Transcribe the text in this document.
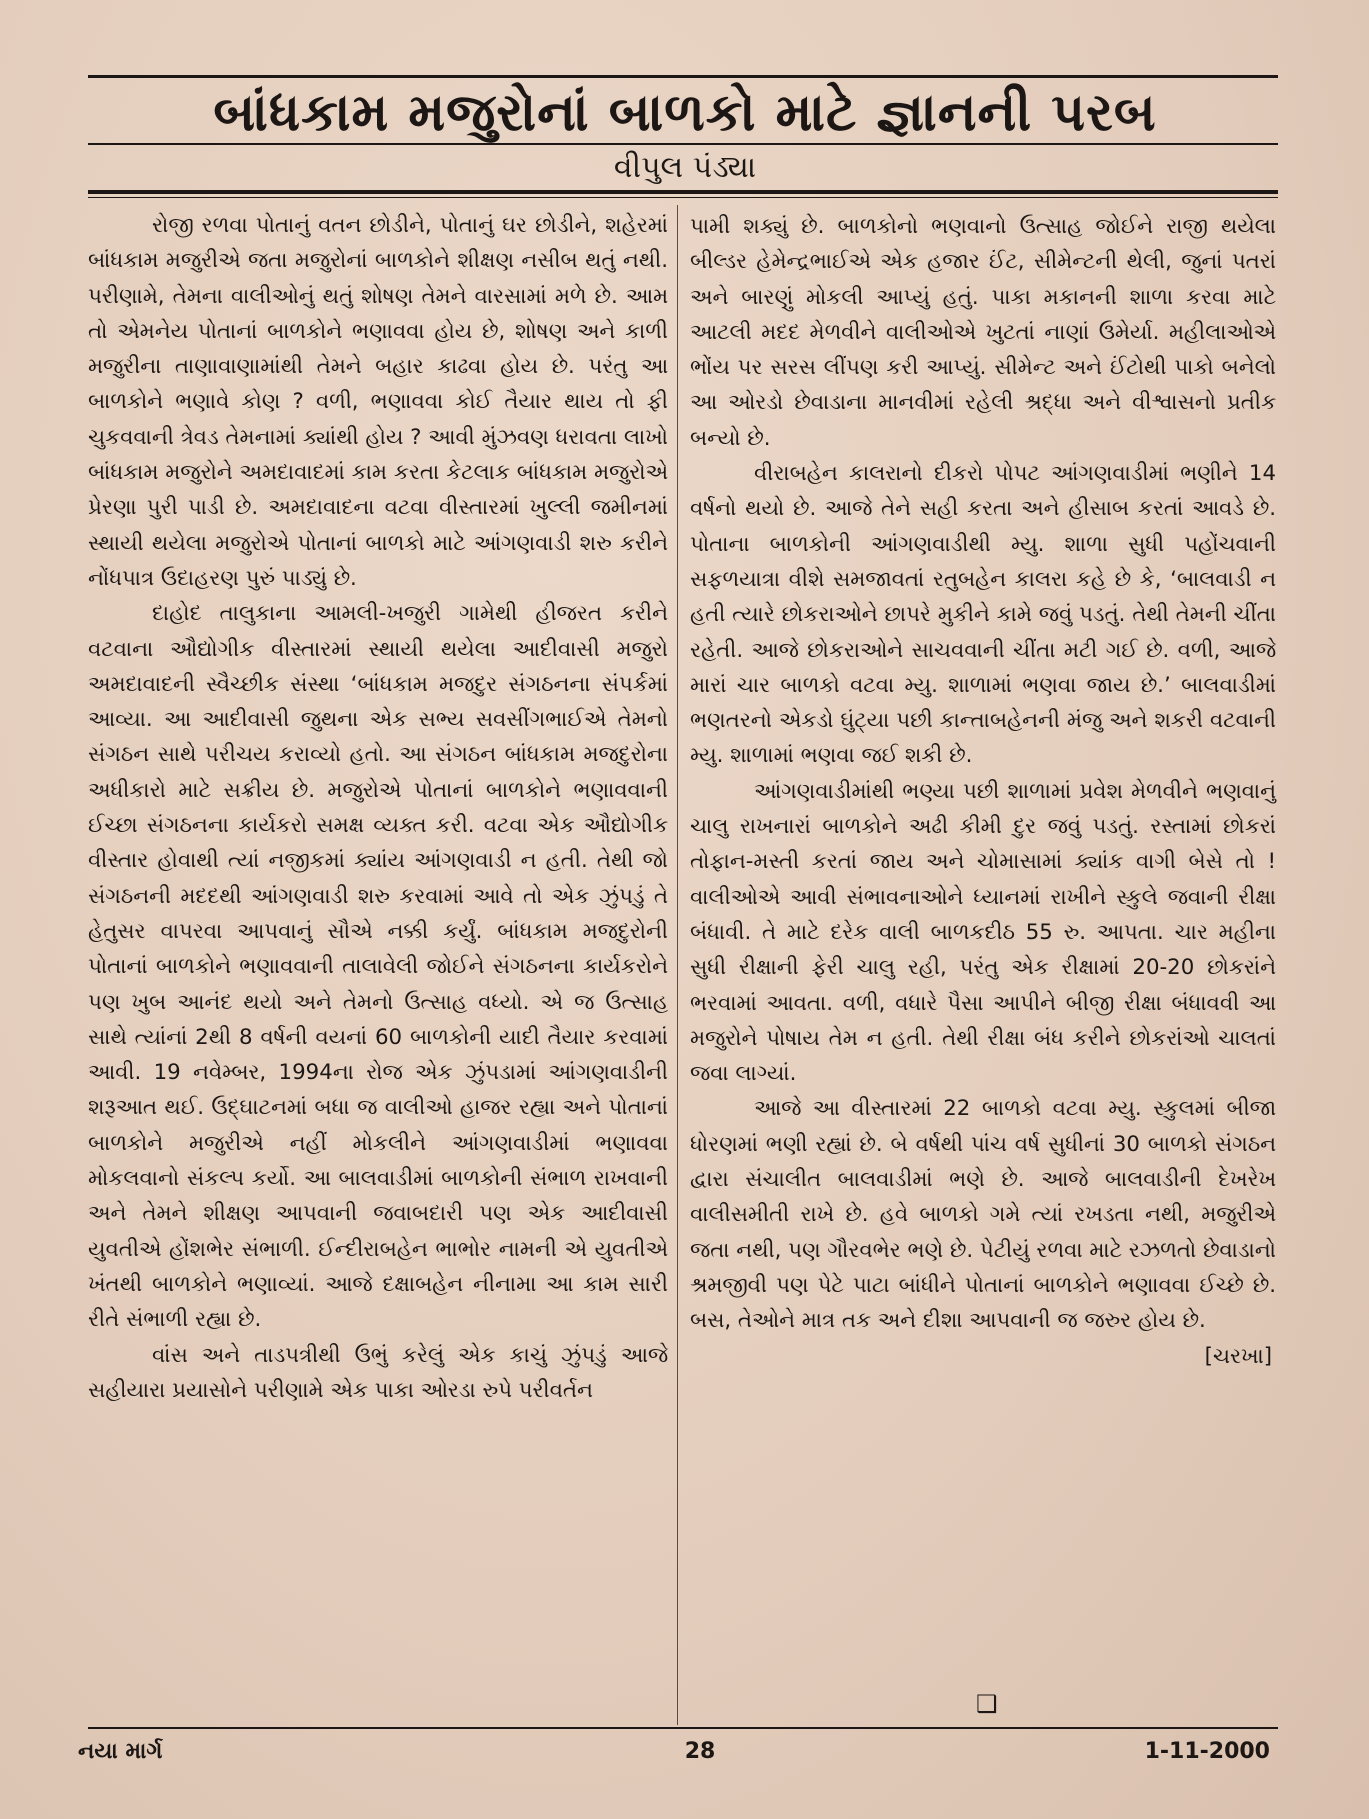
બાંધકામ મજુરોનાં બાળકો માટે જ્ઞાનની પરબ
વીપુલ પંડ્યા

રોજી રળવા પોતાનું વતન છોડીને, પોતાનું ઘર છોડીને, શહેરમાં બાંધકામ મજુરીએ જતા મજુરોનાં બાળકોને શીક્ષણ નસીબ થતું નથી. પરીણામે, તેમના વાલીઓનું થતું શોષણ તેમને વારસામાં મળે છે. આમ તો એમનેય પોતાનાં બાળકોને ભણાવવા હોય છે, શોષણ અને કાળી મજુરીના તાણાવાણામાંથી તેમને બહાર કાઢવા હોય છે. પરંતુ આ બાળકોને ભણાવે કોણ ? વળી, ભણાવવા કોઈ તૈયાર થાય તો ફી ચુકવવાની ત્રેવડ તેમનામાં ક્યાંથી હોય ? આવી મુંઝવણ ધરાવતા લાખો બાંધકામ મજુરોને અમદાવાદમાં કામ કરતા કેટલાક બાંધકામ મજુરોએ પ્રેરણા પુરી પાડી છે. અમદાવાદના વટવા વીસ્તારમાં ખુલ્લી જમીનમાં સ્થાયી થયેલા મજુરોએ પોતાનાં બાળકો માટે આંગણવાડી શરુ કરીને નોંધપાત્ર ઉદાહરણ પુરું પાડ્યું છે.

દાહોદ તાલુકાના આમલી-ખજુરી ગામેથી હીજરત કરીને વટવાના ઔદ્યોગીક વીસ્તારમાં સ્થાયી થયેલા આદીવાસી મજુરો અમદાવાદની સ્વૈચ્છીક સંસ્થા ‘બાંધકામ મજદુર સંગઠનના સંપર્કમાં આવ્યા. આ આદીવાસી જુથના એક સભ્ય સવસીંગભાઈએ તેમનો સંગઠન સાથે પરીચય કરાવ્યો હતો. આ સંગઠન બાંધકામ મજદુરોના અધીકારો માટે સક્રીય છે. મજુરોએ પોતાનાં બાળકોને ભણાવવાની ઈચ્છા સંગઠનના કાર્યકરો સમક્ષ વ્યક્ત કરી. વટવા એક ઔદ્યોગીક વીસ્તાર હોવાથી ત્યાં નજીકમાં ક્યાંય આંગણવાડી ન હતી. તેથી જો સંગઠનની મદદથી આંગણવાડી શરુ કરવામાં આવે તો એક ઝુંપડું તે હેતુસર વાપરવા આપવાનું સૌએ નક્કી કર્યું. બાંધકામ મજદુરોની પોતાનાં બાળકોને ભણાવવાની તાલાવેલી જોઈને સંગઠનના કાર્યકરોને પણ ખુબ આનંદ થયો અને તેમનો ઉત્સાહ વધ્યો. એ જ ઉત્સાહ સાથે ત્યાંનાં 2થી 8 વર્ષની વયનાં 60 બાળકોની યાદી તૈયાર કરવામાં આવી. 19 નવેમ્બર, 1994ના રોજ એક ઝુંપડામાં આંગણવાડીની શરૂઆત થઈ. ઉદ્ઘાટનમાં બધા જ વાલીઓ હાજર રહ્યા અને પોતાનાં બાળકોને મજુરીએ નહીં મોકલીને આંગણવાડીમાં ભણાવવા મોકલવાનો સંકલ્પ કર્યો. આ બાલવાડીમાં બાળકોની સંભાળ રાખવાની અને તેમને શીક્ષણ આપવાની જવાબદારી પણ એક આદીવાસી યુવતીએ હોંશભેર સંભાળી. ઈન્દીરાબહેન ભાભોર નામની એ યુવતીએ ખંતથી બાળકોને ભણાવ્યાં. આજે દક્ષાબહેન નીનામા આ કામ સારી રીતે સંભાળી રહ્યા છે.

વાંસ અને તાડપત્રીથી ઉભું કરેલું એક કાચું ઝુંપડું આજે સહીયારા પ્રયાસોને પરીણામે એક પાકા ઓરડા રુપે પરીવર્તન

પામી શક્યું છે. બાળકોનો ભણવાનો ઉત્સાહ જોઈને રાજી થયેલા બીલ્ડર હેમેન્દ્રભાઈએ એક હજાર ઈંટ, સીમેન્ટની થેલી, જુનાં પતરાં અને બારણું મોકલી આપ્યું હતું. પાકા મકાનની શાળા કરવા માટે આટલી મદદ મેળવીને વાલીઓએ ખુટતાં નાણાં ઉમેર્યા. મહીલાઓએ ભોંય પર સરસ લીંપણ કરી આપ્યું. સીમેન્ટ અને ઈંટોથી પાકો બનેલો આ ઓરડો છેવાડાના માનવીમાં રહેલી શ્રદ્ધા અને વીશ્વાસનો પ્રતીક બન્યો છે.

વીરાબહેન કાલરાનો દીકરો પોપટ આંગણવાડીમાં ભણીને 14 વર્ષનો થયો છે. આજે તેને સહી કરતા અને હીસાબ કરતાં આવડે છે. પોતાના બાળકોની આંગણવાડીથી મ્યુ. શાળા સુધી પહોંચવાની સફળયાત્રા વીશે સમજાવતાં રતુબહેન કાલરા કહે છે કે, ‘બાલવાડી ન હતી ત્યારે છોકરાઓને છાપરે મુકીને કામે જવું પડતું. તેથી તેમની ચીંતા રહેતી. આજે છોકરાઓને સાચવવાની ચીંતા મટી ગઈ છે. વળી, આજે મારાં ચાર બાળકો વટવા મ્યુ. શાળામાં ભણવા જાય છે.’ બાલવાડીમાં ભણતરનો એકડો ઘુંટ્યા પછી કાન્તાબહેનની મંજુ અને શકરી વટવાની મ્યુ. શાળામાં ભણવા જઈ શકી છે.

આંગણવાડીમાંથી ભણ્યા પછી શાળામાં પ્રવેશ મેળવીને ભણવાનું ચાલુ રાખનારાં બાળકોને અઢી કીમી દુર જવું પડતું. રસ્તામાં છોકરાં તોફાન-મસ્તી કરતાં જાય અને ચોમાસામાં ક્યાંક વાગી બેસે તો ! વાલીઓએ આવી સંભાવનાઓને ધ્યાનમાં રાખીને સ્કુલે જવાની રીક્ષા બંધાવી. તે માટે દરેક વાલી બાળકદીઠ 55 રુ. આપતા. ચાર મહીના સુધી રીક્ષાની ફેરી ચાલુ રહી, પરંતુ એક રીક્ષામાં 20-20 છોકરાંને ભરવામાં આવતા. વળી, વધારે પૈસા આપીને બીજી રીક્ષા બંધાવવી આ મજુરોને પોષાય તેમ ન હતી. તેથી રીક્ષા બંધ કરીને છોકરાંઓ ચાલતાં જવા લાગ્યાં.

આજે આ વીસ્તારમાં 22 બાળકો વટવા મ્યુ. સ્કુલમાં બીજા ધોરણમાં ભણી રહ્યાં છે. બે વર્ષથી પાંચ વર્ષ સુધીનાં 30 બાળકો સંગઠન દ્વારા સંચાલીત બાલવાડીમાં ભણે છે. આજે બાલવાડીની દેખરેખ વાલીસમીતી રાખે છે. હવે બાળકો ગમે ત્યાં રખડતા નથી, મજુરીએ જતા નથી, પણ ગૌરવભેર ભણે છે. પેટીયું રળવા માટે રઝળતો છેવાડાનો શ્રમજીવી પણ પેટે પાટા બાંધીને પોતાનાં બાળકોને ભણાવવા ઈચ્છે છે. બસ, તેઓને માત્ર તક અને દીશા આપવાની જ જરુર હોય છે.

[ચરખા]
❑
નયા માર્ગ	28	1-11-2000
